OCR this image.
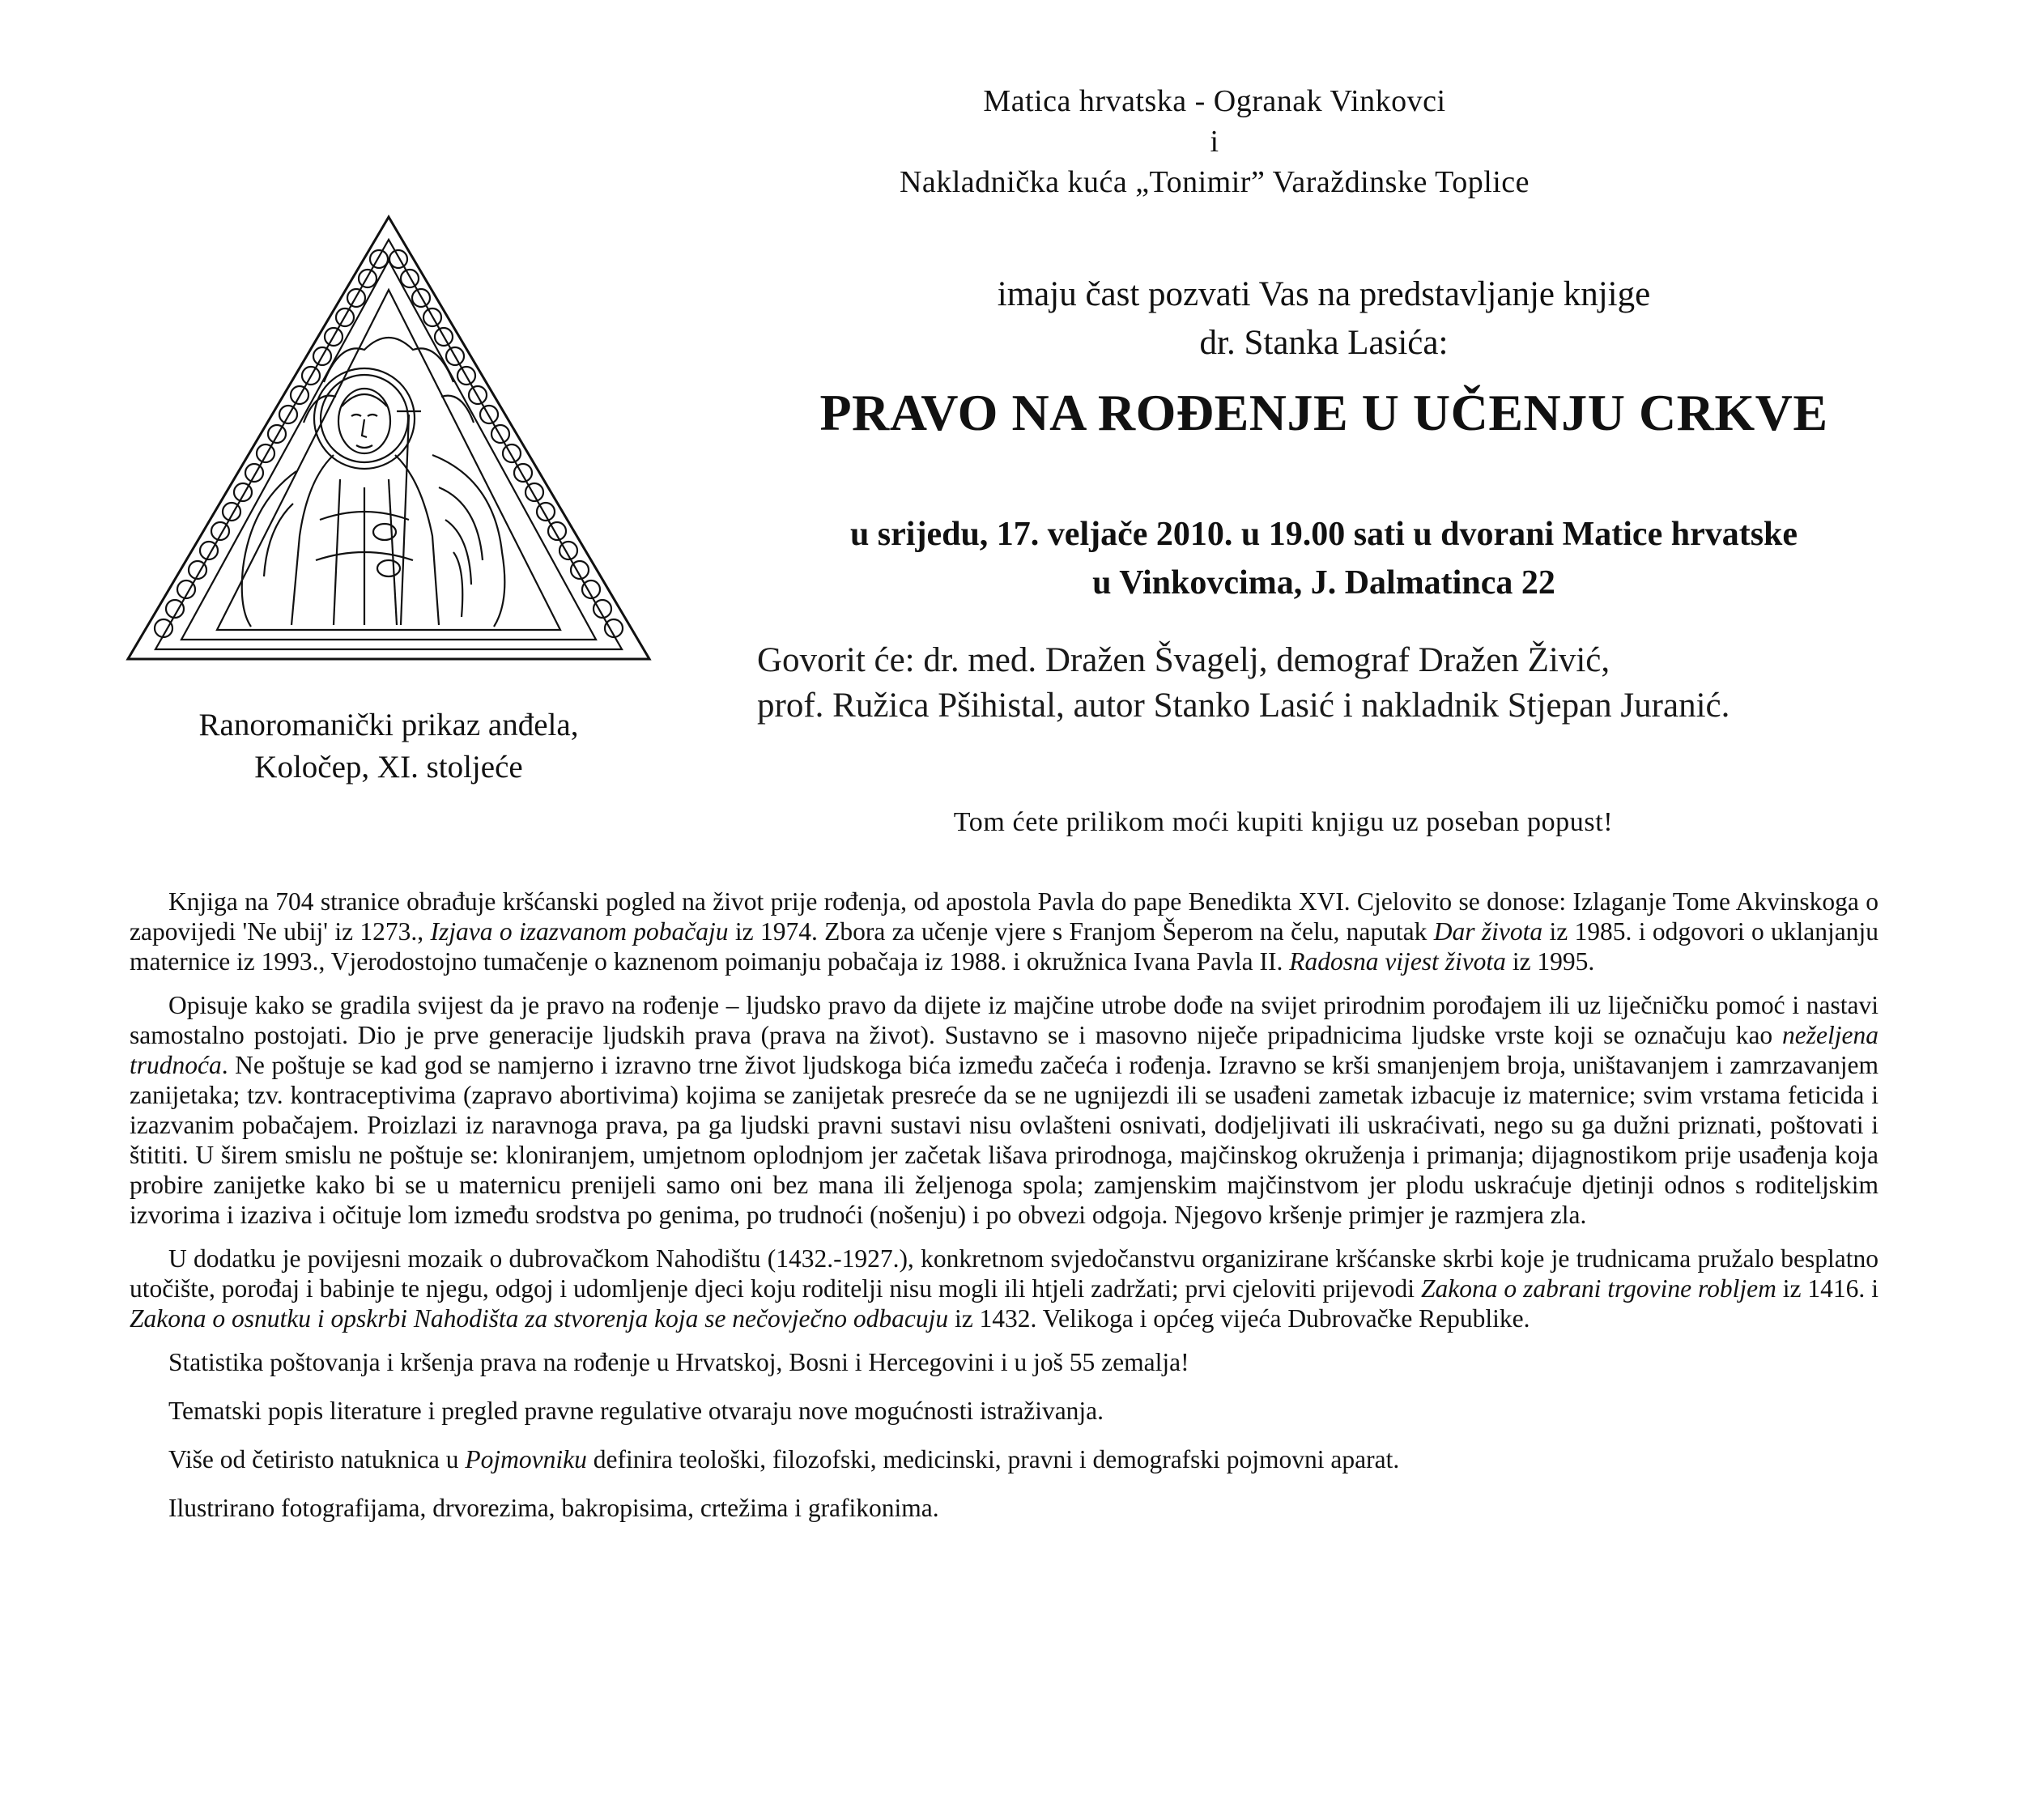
Matica hrvatska - Ogranak Vinkovci
i
Nakladnička kuća „Tonimir” Varaždinske Toplice
Ranoromanički prikaz anđela,
Koločep, XI. stoljeće
imaju čast pozvati Vas na predstavljanje knjige
dr. Stanka Lasića:
PRAVO NA ROĐENJE U UČENJU CRKVE
u srijedu, 17. veljače 2010. u 19.00 sati u dvorani Matice hrvatske
u Vinkovcima, J. Dalmatinca 22

Govorit će: dr. med. Dražen Švagelj, demograf Dražen Živić,

prof. Ružica Pšihistal, autor Stanko Lasić i nakladnik Stjepan Juranić.

Tom ćete prilikom moći kupiti knjigu uz poseban popust!

Knjiga na 704 stranice obrađuje kršćanski pogled na život prije rođenja, od apostola Pavla do pape Benedikta XVI. Cjelovito se donose: Izlaganje Tome Akvinskoga o zapovijedi 'Ne ubij' iz 1273., Izjava o izazvanom pobačaju iz 1974. Zbora za učenje vjere s Franjom Šeperom na čelu, naputak Dar života iz 1985. i odgovori o uklanjanju maternice iz 1993., Vjerodostojno tumačenje o kaznenom poimanju pobačaja iz 1988. i okružnica Ivana Pavla II. Radosna vijest života iz 1995.

Opisuje kako se gradila svijest da je pravo na rođenje – ljudsko pravo da dijete iz majčine utrobe dođe na svijet prirodnim porođajem ili uz liječničku pomoć i nastavi samostalno postojati. Dio je prve generacije ljudskih prava (prava na život). Sustavno se i masovno niječe pripadnicima ljudske vrste koji se označuju kao neželjena trudnoća. Ne poštuje se kad god se namjerno i izravno trne život ljudskoga bića između začeća i rođenja. Izravno se krši smanjenjem broja, uništavanjem i zamrzavanjem zanijetaka; tzv. kontraceptivima (zapravo abortivima) kojima se zanijetak presreće da se ne ugnijezdi ili se usađeni zametak izbacuje iz maternice; svim vrstama feticida i izazvanim pobačajem. Proizlazi iz naravnoga prava, pa ga ljudski pravni sustavi nisu ovlašteni osnivati, dodjeljivati ili uskraćivati, nego su ga dužni priznati, poštovati i štititi. U širem smislu ne poštuje se: kloniranjem, umjetnom oplodnjom jer začetak lišava prirodnoga, majčinskog okruženja i primanja; dijagnostikom prije usađenja koja probire zanijetke kako bi se u maternicu prenijeli samo oni bez mana ili željenoga spola; zamjenskim majčinstvom jer plodu uskraćuje djetinji odnos s roditeljskim izvorima i izaziva i očituje lom između srodstva po genima, po trudnoći (nošenju) i po obvezi odgoja. Njegovo kršenje primjer je razmjera zla.

U dodatku je povijesni mozaik o dubrovačkom Nahodištu (1432.-1927.), konkretnom svjedočanstvu organizirane kršćanske skrbi koje je trudnicama pružalo besplatno utočište, porođaj i babinje te njegu, odgoj i udomljenje djeci koju roditelji nisu mogli ili htjeli zadržati; prvi cjeloviti prijevodi Zakona o zabrani trgovine robljem iz 1416. i Zakona o osnutku i opskrbi Nahodišta za stvorenja koja se nečovječno odbacuju iz 1432. Velikoga i općeg vijeća Dubrovačke Republike.

Statistika poštovanja i kršenja prava na rođenje u Hrvatskoj, Bosni i Hercegovini i u još 55 zemalja!

Tematski popis literature i pregled pravne regulative otvaraju nove mogućnosti istraživanja.

Više od četiristo natuknica u Pojmovniku definira teološki, filozofski, medicinski, pravni i demografski pojmovni aparat.

Ilustrirano fotografijama, drvorezima, bakropisima, crtežima i grafikonima.
